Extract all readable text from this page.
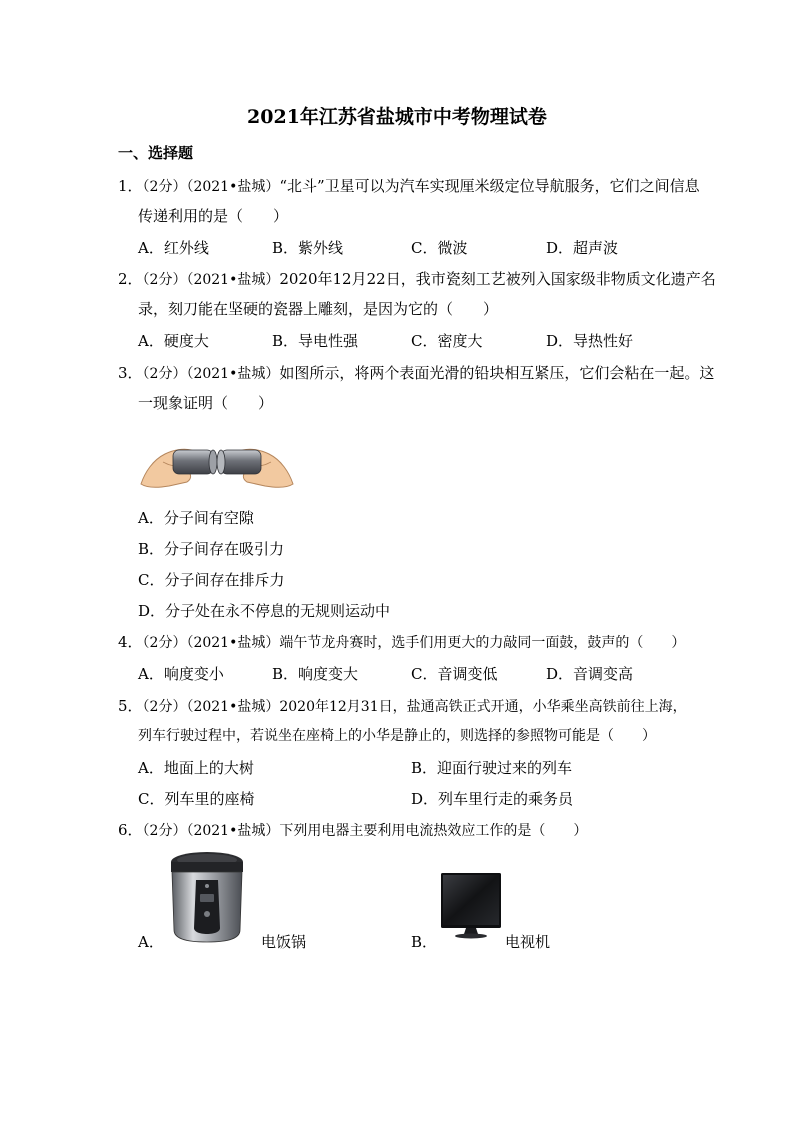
2021年江苏省盐城市中考物理试卷
一、选择题
1．（2分）（2021•盐城）“北斗”卫星可以为汽车实现厘米级定位导航服务，它们之间信息
传递利用的是（　　）
A．红外线	B．紫外线	C．微波	D．超声波
2．（2分）（2021•盐城）2020年12月22日，我市瓷刻工艺被列入国家级非物质文化遗产名
录，刻刀能在坚硬的瓷器上雕刻，是因为它的（　　）
A．硬度大	B．导电性强	C．密度大	D．导热性好
3．（2分）（2021•盐城）如图所示，将两个表面光滑的铅块相互紧压，它们会粘在一起。这
一现象证明（　　）
A．分子间有空隙
B．分子间存在吸引力
C．分子间存在排斥力
D．分子处在永不停息的无规则运动中
4．（2分）（2021•盐城）端午节龙舟赛时，选手们用更大的力敲同一面鼓，鼓声的（　　）
A．响度变小	B．响度变大	C．音调变低	D．音调变高
5．（2分）（2021•盐城）2020年12月31日，盐通高铁正式开通，小华乘坐高铁前往上海，
列车行驶过程中，若说坐在座椅上的小华是静止的，则选择的参照物可能是（　　）
A．地面上的大树	B．迎面行驶过来的列车
C．列车里的座椅	D．列车里行走的乘务员
6．（2分）（2021•盐城）下列用电器主要利用电流热效应工作的是（　　）
A．	电饭锅	B．	电视机
